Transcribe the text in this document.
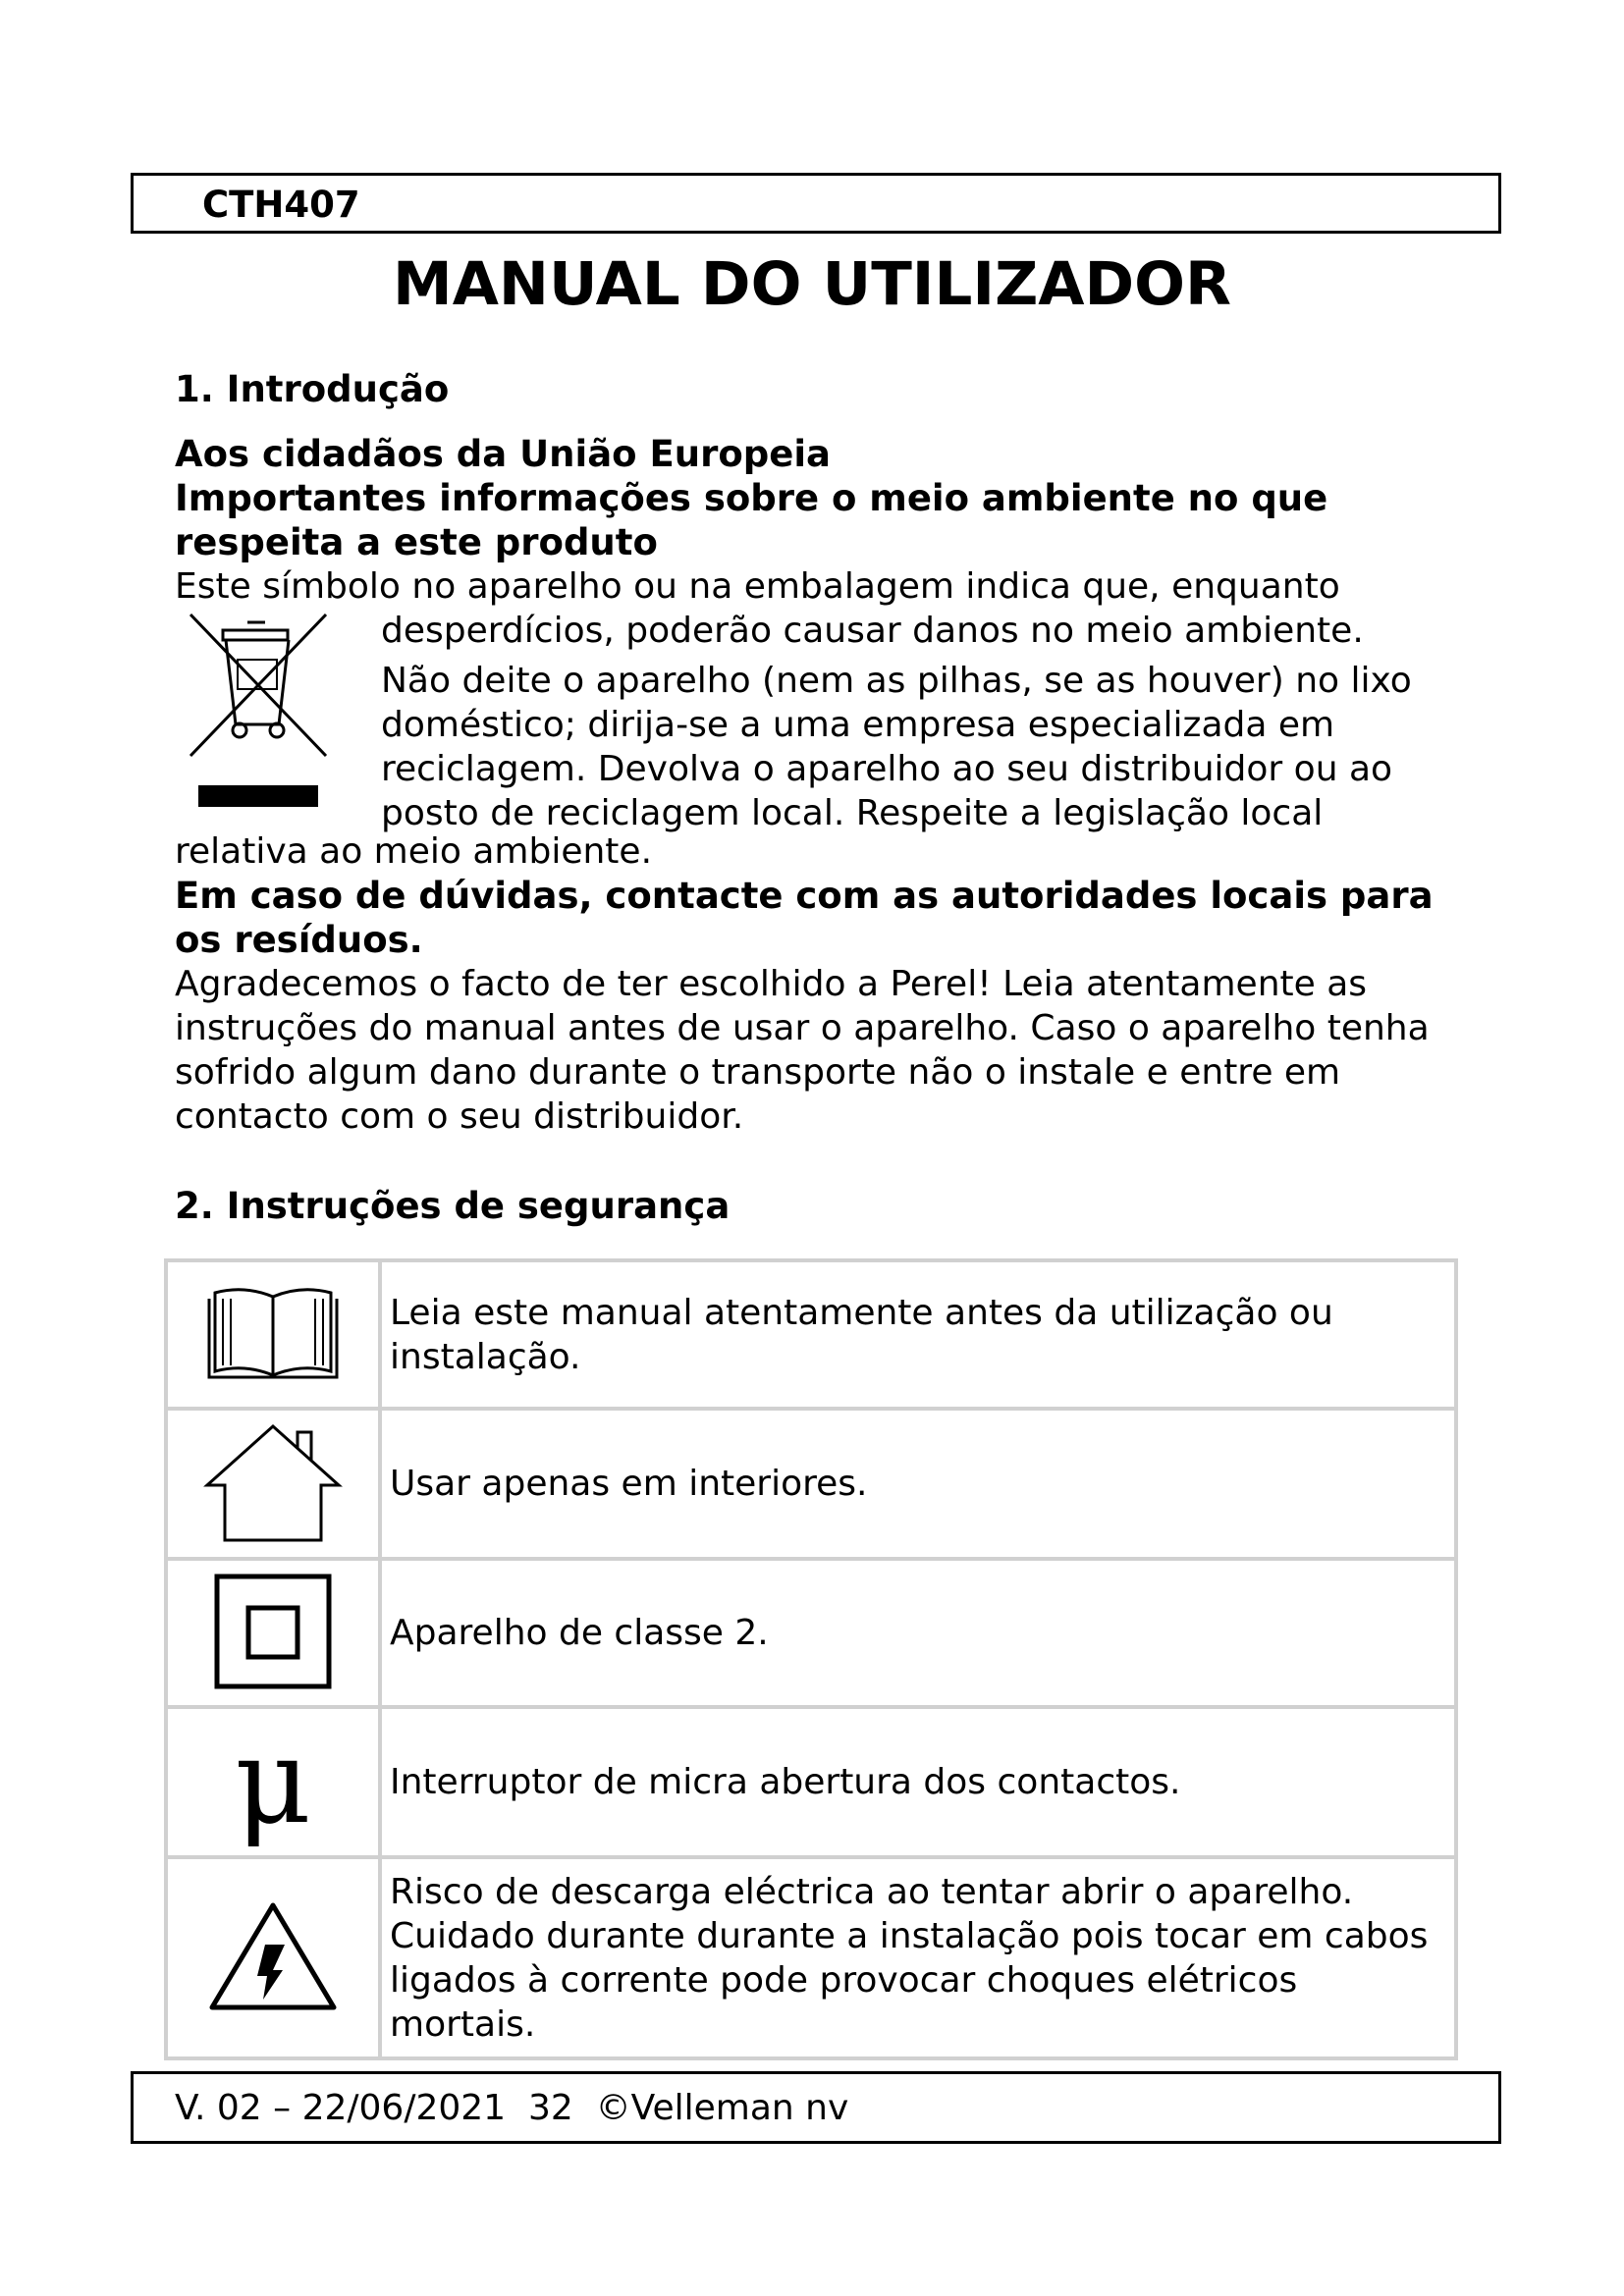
CTH407
MANUAL DO UTILIZADOR
1. Introdução

Aos cidadãos da União Europeia

Importantes informações sobre o meio ambiente no que respeita a este produto

Este símbolo no aparelho ou na embalagem indica que, enquanto

desperdícios, poderão causar danos no meio ambiente.

Não deite o aparelho (nem as pilhas, se as houver) no lixo doméstico; dirija-se a uma empresa especializada em reciclagem. Devolva o aparelho ao seu distribuidor ou ao posto de reciclagem local. Respeite a legislação local

relativa ao meio ambiente.

Em caso de dúvidas, contacte com as autoridades locais para os resíduos.

Agradecemos o facto de ter escolhido a Perel! Leia atentamente as instruções do manual antes de usar o aparelho. Caso o aparelho tenha sofrido algum dano durante o transporte não o instale e entre em contacto com o seu distribuidor.

2. Instruções de segurança
	Leia este manual atentamente antes da utilização ou instalação.
	Usar apenas em interiores.
	Aparelho de classe 2.
μ	Interruptor de micra abertura dos contactos.
	Risco de descarga eléctrica ao tentar abrir o aparelho. Cuidado durante durante a instalação pois tocar em cabos ligados à corrente pode provocar choques elétricos mortais.
V. 02 – 22/06/2021  32  ©Velleman nv
